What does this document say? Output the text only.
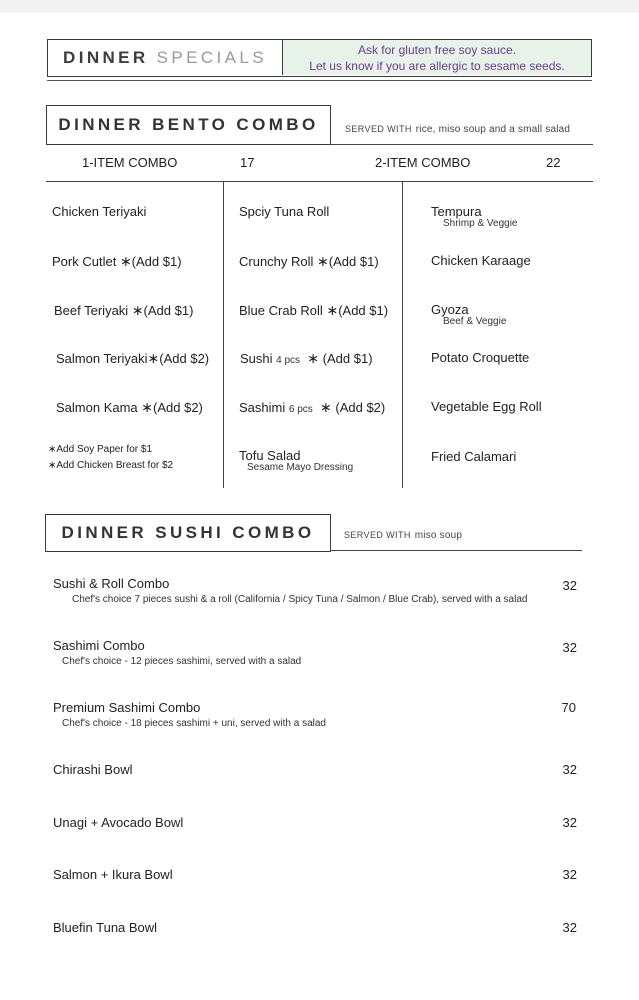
DINNER SPECIALS	Ask for gluten free soy sauce.
Let us know if you are allergic to sesame seeds.
DINNER BENTO COMBO	SERVED WITH rice, miso soup and a small salad
1-ITEM COMBO	17	2-ITEM COMBO	22
Chicken Teriyaki
Pork Cutlet ∗(Add $1)
Beef Teriyaki ∗(Add $1)
Salmon Teriyaki∗(Add $2)
Salmon Kama ∗(Add $2)
∗Add Soy Paper for $1
∗Add Chicken Breast for $2
Spciy Tuna Roll
Crunchy Roll ∗(Add $1)
Blue Crab Roll ∗(Add $1)
Sushi 4 pcs ∗ (Add $1)
Sashimi 6 pcs ∗ (Add $2)
Tofu Salad
Sesame Mayo Dressing
Tempura
Shrimp & Veggie
Chicken Karaage
Gyoza
Beef & Veggie
Potato Croquette
Vegetable Egg Roll
Fried Calamari
DINNER SUSHI COMBO	SERVED WITH miso soup
Sushi & Roll Combo
Chef's choice 7 pieces sushi & a roll (California / Spicy Tuna / Salmon / Blue Crab), served with a salad
32
Sashimi Combo
Chef's choice - 12 pieces sashimi, served with a salad
32
Premium Sashimi Combo
Chef's choice - 18 pieces sashimi + uni, served with a salad
70
Chirashi Bowl	32
Unagi + Avocado Bowl	32
Salmon + Ikura Bowl	32
Bluefin Tuna Bowl	32
